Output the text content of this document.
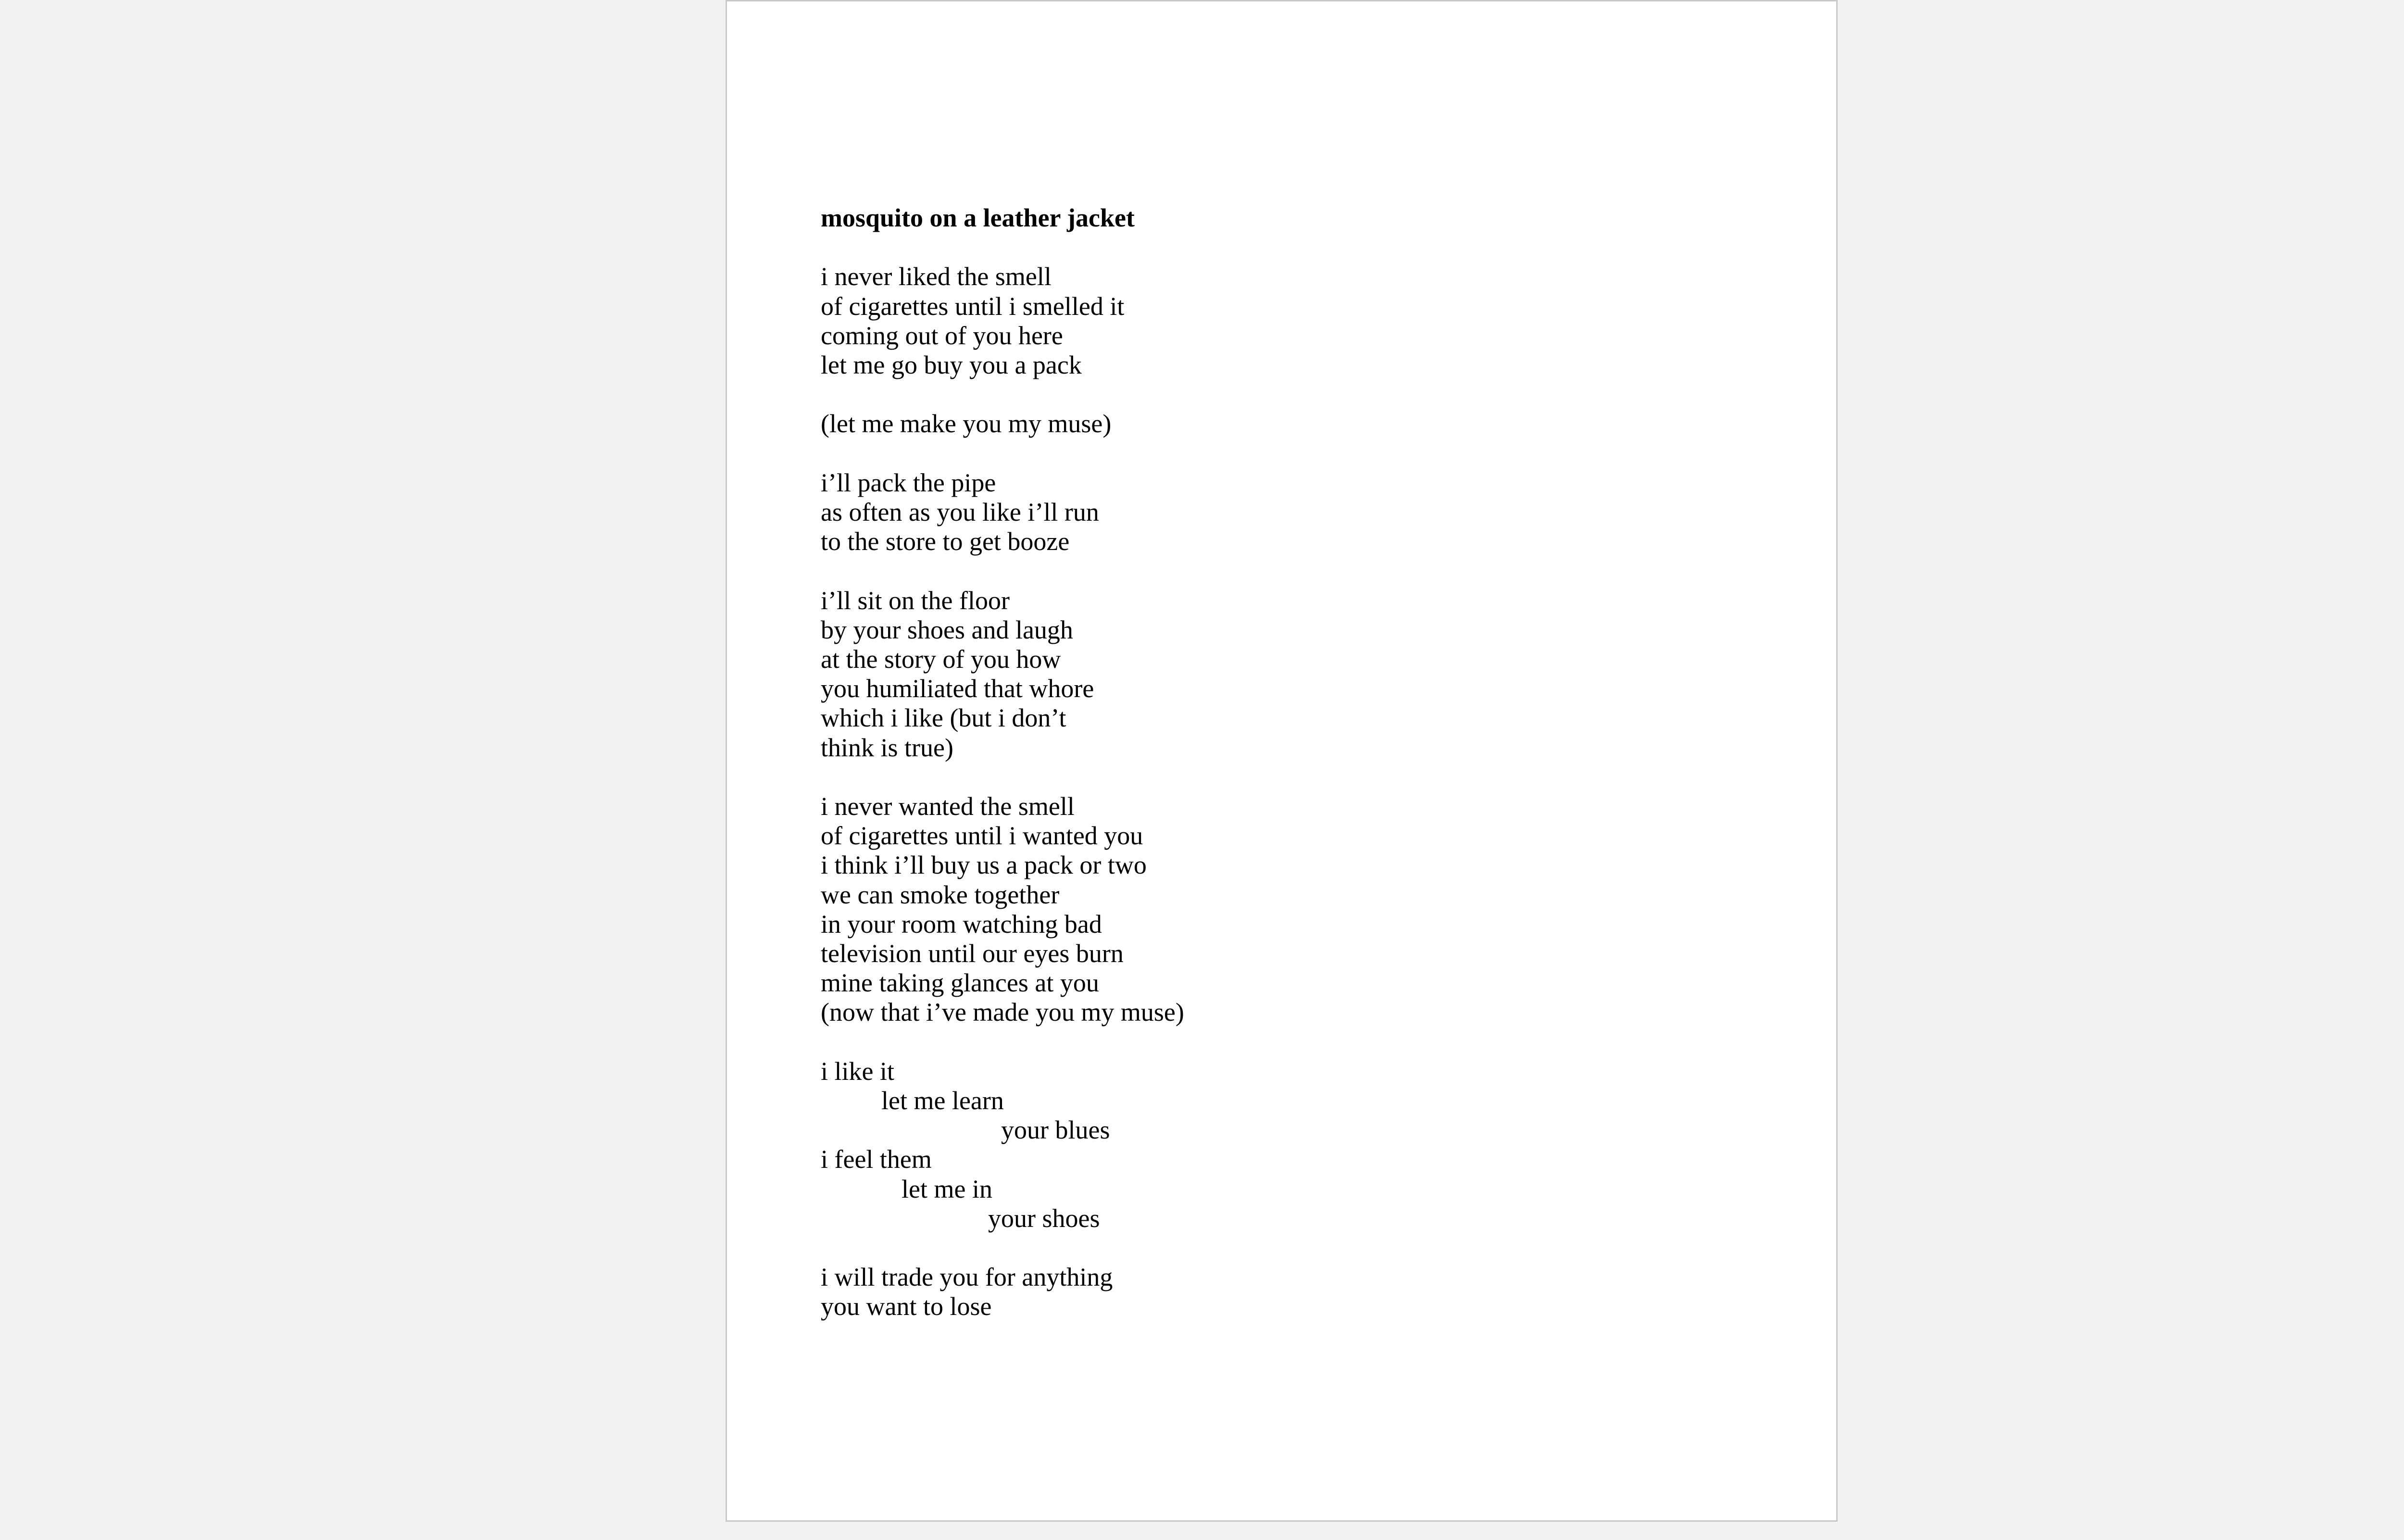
mosquito on a leather jacket
i never liked the smell
of cigarettes until i smelled it
coming out of you here
let me go buy you a pack
(let me make you my muse)
i’ll pack the pipe
as often as you like i’ll run
to the store to get booze
i’ll sit on the floor
by your shoes and laugh
at the story of you how
you humiliated that whore
which i like (but i don’t
think is true)
i never wanted the smell
of cigarettes until i wanted you
i think i’ll buy us a pack or two
we can smoke together
in your room watching bad
television until our eyes burn
mine taking glances at you
(now that i’ve made you my muse)
i like it
let me learn
your blues
i feel them
let me in
your shoes
i will trade you for anything
you want to lose
